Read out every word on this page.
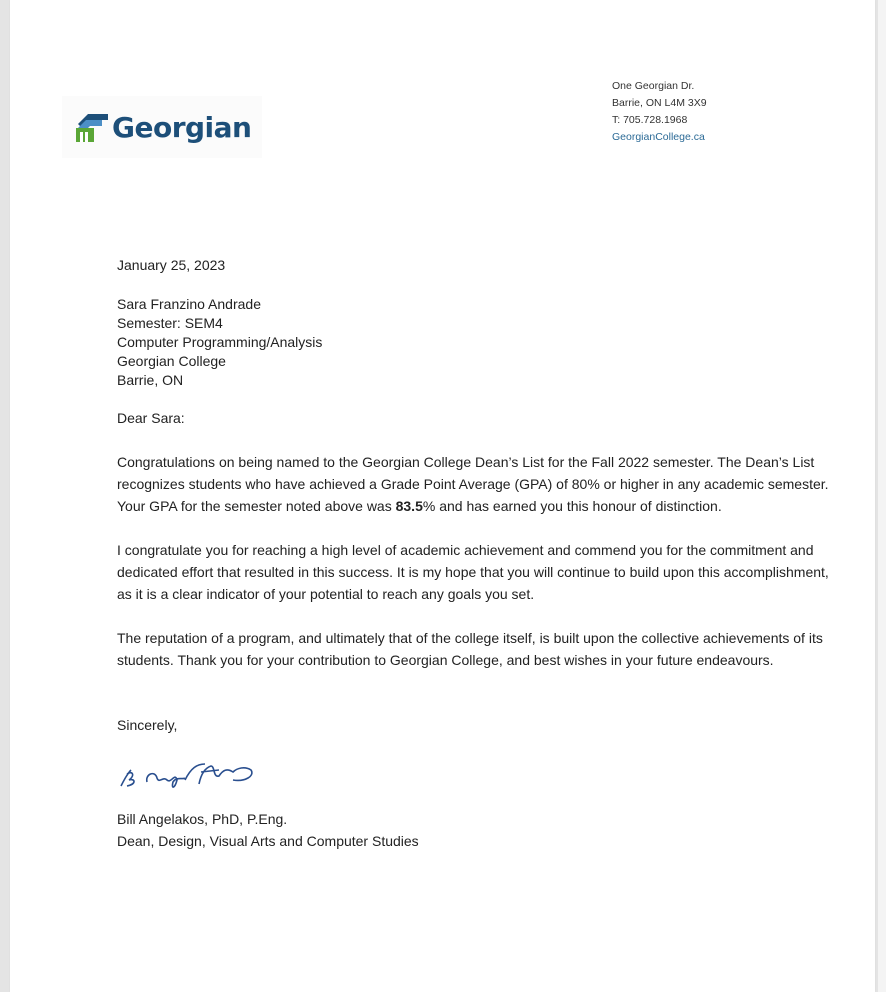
Georgian
One Georgian Dr.
Barrie, ON L4M 3X9
T: 705.728.1968
GeorgianCollege.ca
January 25, 2023
Sara Franzino Andrade
Semester: SEM4
Computer Programming/Analysis
Georgian College
Barrie, ON
Dear Sara:
Congratulations on being named to the Georgian College Dean’s List for the Fall 2022 semester. The Dean’s List recognizes students who have achieved a Grade Point Average (GPA) of 80% or higher in any academic semester. Your GPA for the semester noted above was 83.5% and has earned you this honour of distinction.
I congratulate you for reaching a high level of academic achievement and commend you for the commitment and dedicated effort that resulted in this success. It is my hope that you will continue to build upon this accomplishment, as it is a clear indicator of your potential to reach any goals you set.
The reputation of a program, and ultimately that of the college itself, is built upon the collective achievements of its students. Thank you for your contribution to Georgian College, and best wishes in your future endeavours.
Sincerely,
Bill Angelakos, PhD, P.Eng.
Dean, Design, Visual Arts and Computer Studies
